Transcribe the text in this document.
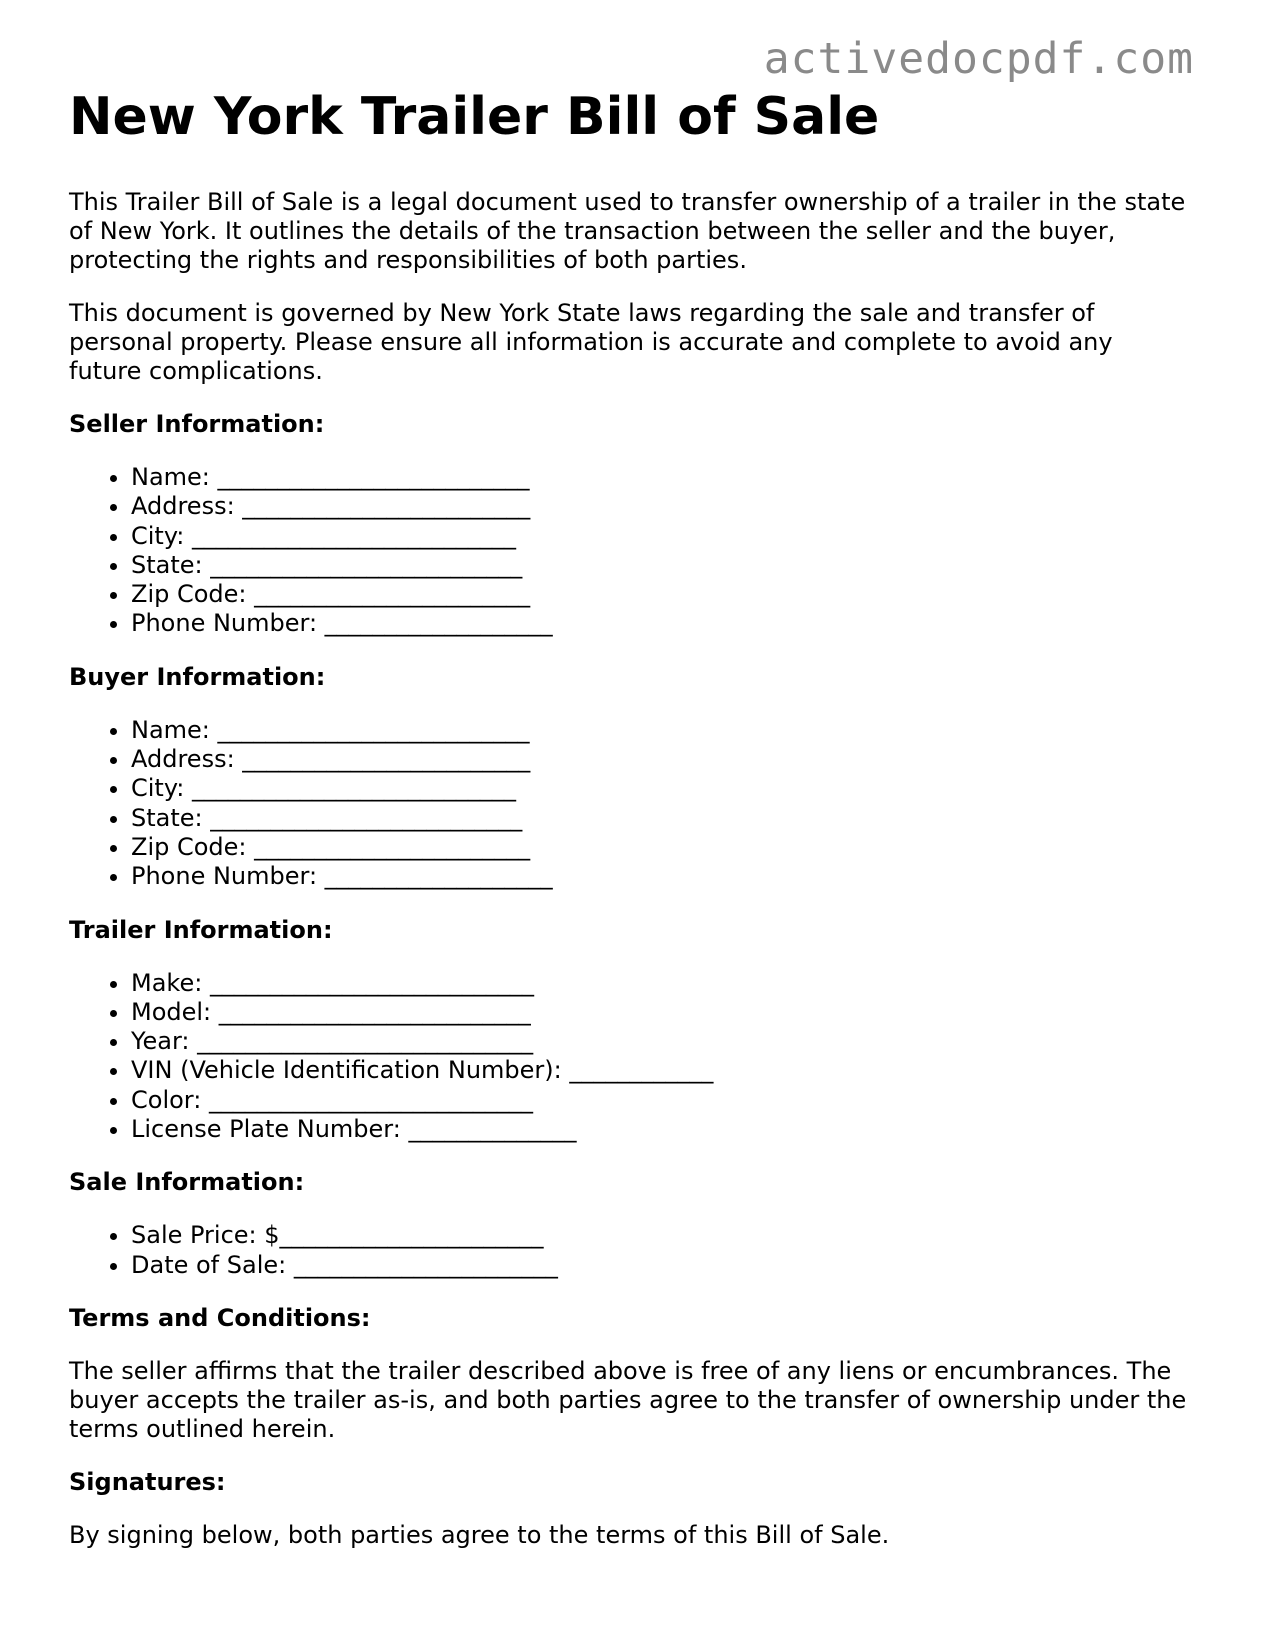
activedocpdf.com
New York Trailer Bill of Sale

This Trailer Bill of Sale is a legal document used to transfer ownership of a trailer in the state of New York. It outlines the details of the transaction between the seller and the buyer, protecting the rights and responsibilities of both parties.

This document is governed by New York State laws regarding the sale and transfer of personal property. Please ensure all information is accurate and complete to avoid any future complications.

Seller Information:
• Name: __________________________
• Address: ________________________
• City: ___________________________
• State: __________________________
• Zip Code: _______________________
• Phone Number: ___________________
Buyer Information:
• Name: __________________________
• Address: ________________________
• City: ___________________________
• State: __________________________
• Zip Code: _______________________
• Phone Number: ___________________
Trailer Information:
• Make: ___________________________
• Model: __________________________
• Year: ____________________________
• VIN (Vehicle Identification Number): ____________
• Color: ___________________________
• License Plate Number: ______________
Sale Information:
• Sale Price: $______________________
• Date of Sale: ______________________
Terms and Conditions:

The seller affirms that the trailer described above is free of any liens or encumbrances. The buyer accepts the trailer as-is, and both parties agree to the transfer of ownership under the terms outlined herein.

Signatures:

By signing below, both parties agree to the terms of this Bill of Sale.
